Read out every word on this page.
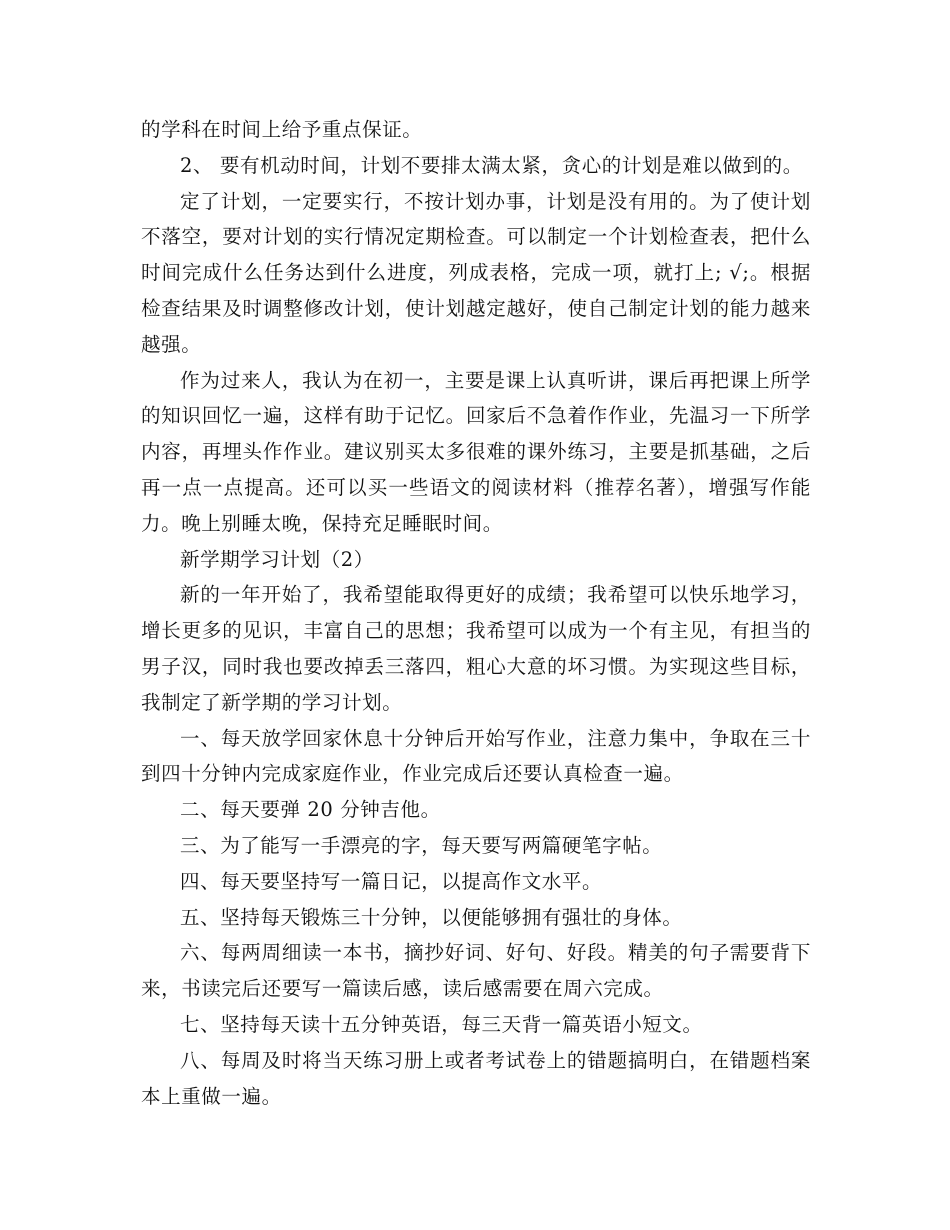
的学科在时间上给予重点保证。

2、 要有机动时间，计划不要排太满太紧，贪心的计划是难以做到的。

定了计划，一定要实行，不按计划办事，计划是没有用的。为了使计划不落空，要对计划的实行情况定期检查。可以制定一个计划检查表，把什么时间完成什么任务达到什么进度，列成表格，完成一项，就打上; √;。根据检查结果及时调整修改计划，使计划越定越好，使自己制定计划的能力越来越强。

作为过来人，我认为在初一，主要是课上认真听讲，课后再把课上所学的知识回忆一遍，这样有助于记忆。回家后不急着作作业，先温习一下所学内容，再埋头作作业。建议别买太多很难的课外练习，主要是抓基础，之后再一点一点提高。还可以买一些语文的阅读材料（推荐名著），增强写作能力。晚上别睡太晚，保持充足睡眠时间。

新学期学习计划（2）

新的一年开始了，我希望能取得更好的成绩；我希望可以快乐地学习，增长更多的见识，丰富自己的思想；我希望可以成为一个有主见，有担当的男子汉，同时我也要改掉丢三落四，粗心大意的坏习惯。为实现这些目标，我制定了新学期的学习计划。

一、每天放学回家休息十分钟后开始写作业，注意力集中，争取在三十到四十分钟内完成家庭作业，作业完成后还要认真检查一遍。

二、每天要弹 20 分钟吉他。

三、为了能写一手漂亮的字，每天要写两篇硬笔字帖。

四、每天要坚持写一篇日记，以提高作文水平。

五、坚持每天锻炼三十分钟，以便能够拥有强壮的身体。

六、每两周细读一本书，摘抄好词、好句、好段。精美的句子需要背下来，书读完后还要写一篇读后感，读后感需要在周六完成。

七、坚持每天读十五分钟英语，每三天背一篇英语小短文。

八、每周及时将当天练习册上或者考试卷上的错题搞明白，在错题档案本上重做一遍。
